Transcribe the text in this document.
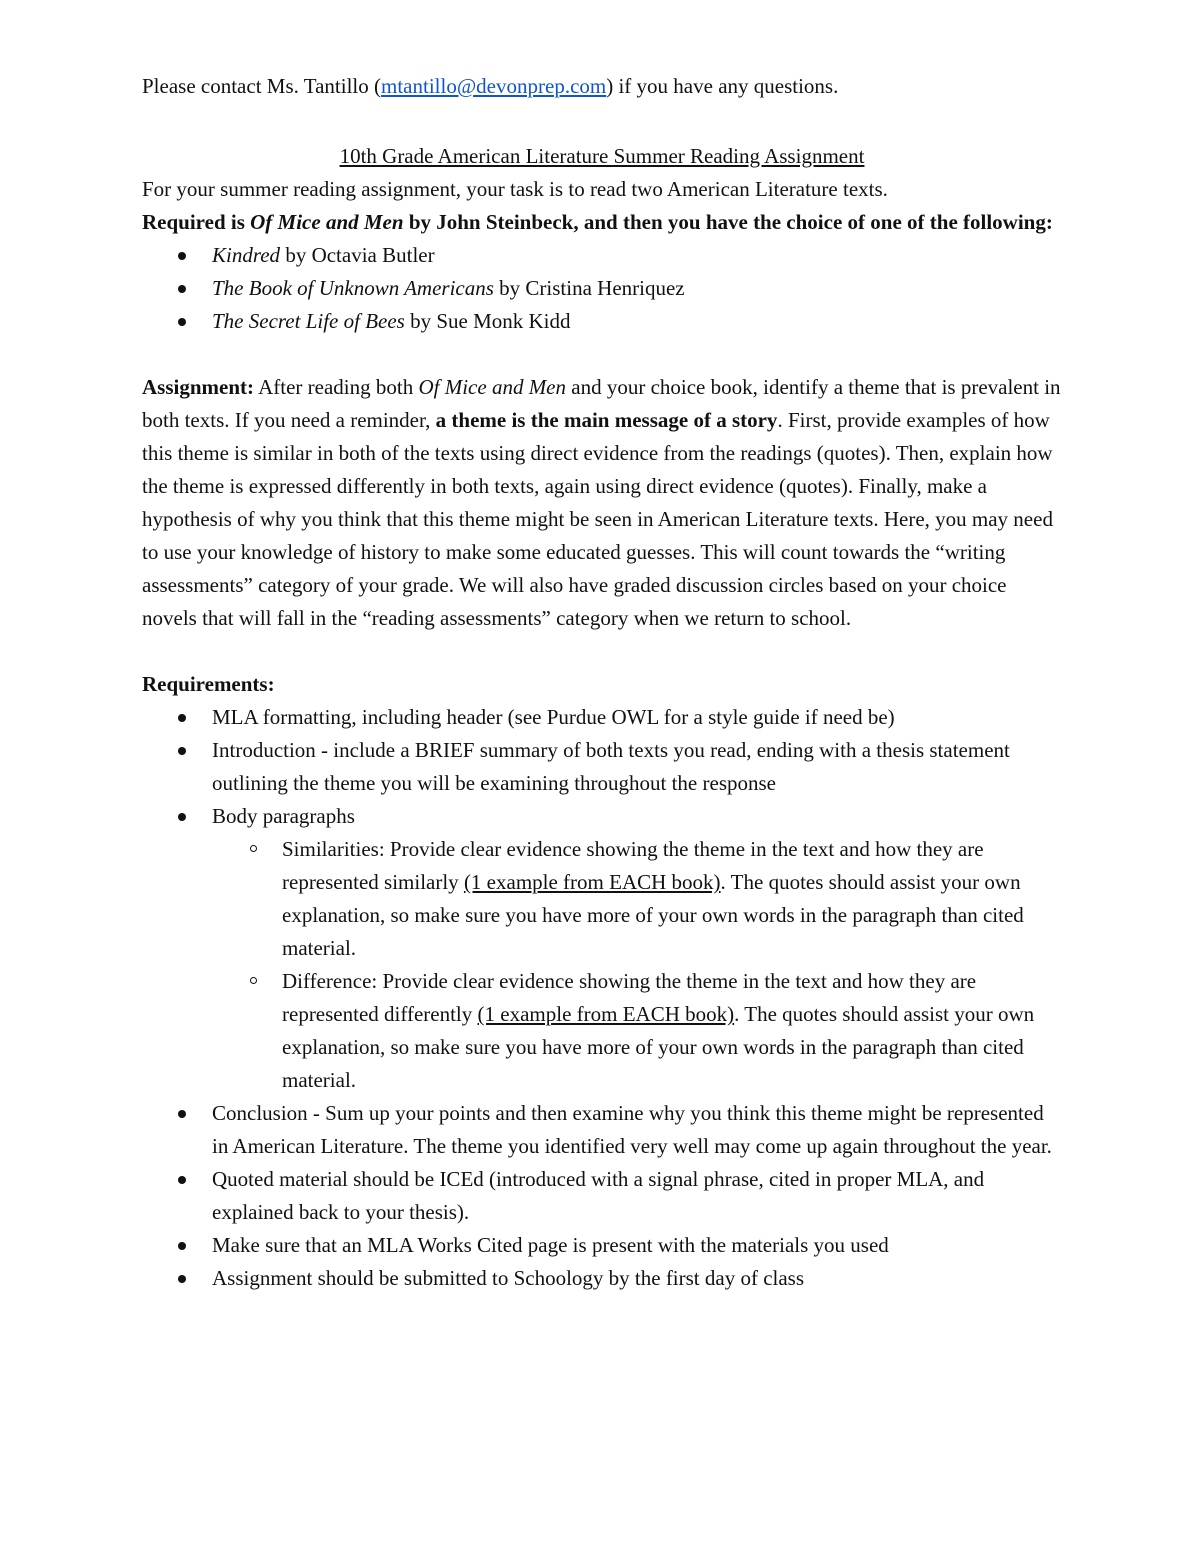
Please contact Ms. Tantillo (mtantillo@devonprep.com) if you have any questions.

10th Grade American Literature Summer Reading Assignment

For your summer reading assignment, your task is to read two American Literature texts.

Required is Of Mice and Men by John Steinbeck, and then you have the choice of one of the following:

Kindred by Octavia Butler
The Book of Unknown Americans by Cristina Henriquez
The Secret Life of Bees by Sue Monk Kidd

Assignment: After reading both Of Mice and Men and your choice book, identify a theme that is prevalent in both texts. If you need a reminder, a theme is the main message of a story. First, provide examples of how this theme is similar in both of the texts using direct evidence from the readings (quotes). Then, explain how the theme is expressed differently in both texts, again using direct evidence (quotes). Finally, make a hypothesis of why you think that this theme might be seen in American Literature texts. Here, you may need to use your knowledge of history to make some educated guesses. This will count towards the “writing assessments” category of your grade. We will also have graded discussion circles based on your choice novels that will fall in the “reading assessments” category when we return to school.

Requirements:

MLA formatting, including header (see Purdue OWL for a style guide if need be)
Introduction - include a BRIEF summary of both texts you read, ending with a thesis statement outlining the theme you will be examining throughout the response
Body paragraphs
Similarities: Provide clear evidence showing the theme in the text and how they are represented similarly (1 example from EACH book). The quotes should assist your own explanation, so make sure you have more of your own words in the paragraph than cited material.
Difference: Provide clear evidence showing the theme in the text and how they are represented differently (1 example from EACH book). The quotes should assist your own explanation, so make sure you have more of your own words in the paragraph than cited material.
Conclusion - Sum up your points and then examine why you think this theme might be represented in American Literature. The theme you identified very well may come up again throughout the year.
Quoted material should be ICEd (introduced with a signal phrase, cited in proper MLA, and explained back to your thesis).
Make sure that an MLA Works Cited page is present with the materials you used
Assignment should be submitted to Schoology by the first day of class
